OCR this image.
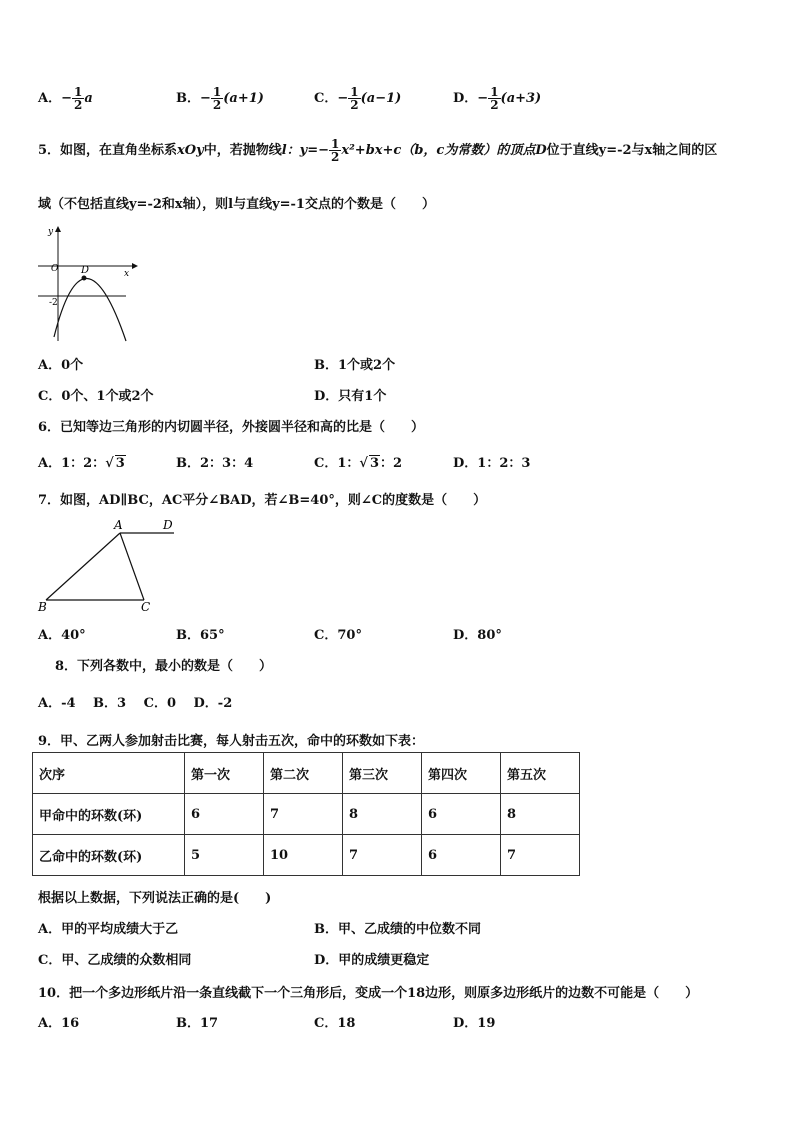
A．− $\frac{1}{2}$ a	B．− $\frac{1}{2} (a+1)$	C．− $\frac{1}{2} (a-1)$	D．− $\frac{1}{2} (a+3)$
5．如图，在直角坐标系xOy中，若抛物线l：$y=- \frac{1}{2} x^2+bx+c(b$，c为常数）的顶点D位于直线y=-2与x轴之间的区
域（不包括直线y=-2和x轴），则l与直线y=-1交点的个数是（　　）
y
O	x
D
-2
A．0个	B．1个或2个
C．0个、1个或2个	D．只有1个
6．已知等边三角形的内切圆半径，外接圆半径和高的比是（　　）
A．1：2：√ 3	B．2：3：4	C．1：√ 3：2	D．1：2：3
7．如图，AD∥BC，AC平分∠BAD，若∠B=40°，则∠C的度数是（　　）
A	D
B	C
A．40°	B．65°	C．70°	D．80°
8．下列各数中，最小的数是（　　）
A．-4　 B．3　 C．0　 D．-2
9．甲、乙两人参加射击比赛，每人射击五次，命中的环数如下表：
次序	第一次	第二次	第三次	第四次	第五次
甲命中的环数(环)	6	7	8	6	8
乙命中的环数(环)	5	10	7	6	7
根据以上数据，下列说法正确的是(　　)
A．甲的平均成绩大于乙	B．甲、乙成绩的中位数不同
C．甲、乙成绩的众数相同	D．甲的成绩更稳定
10．把一个多边形纸片沿一条直线截下一个三角形后，变成一个18边形，则原多边形纸片的边数不可能是（　　）
A．16	B．17	C．18	D．19
